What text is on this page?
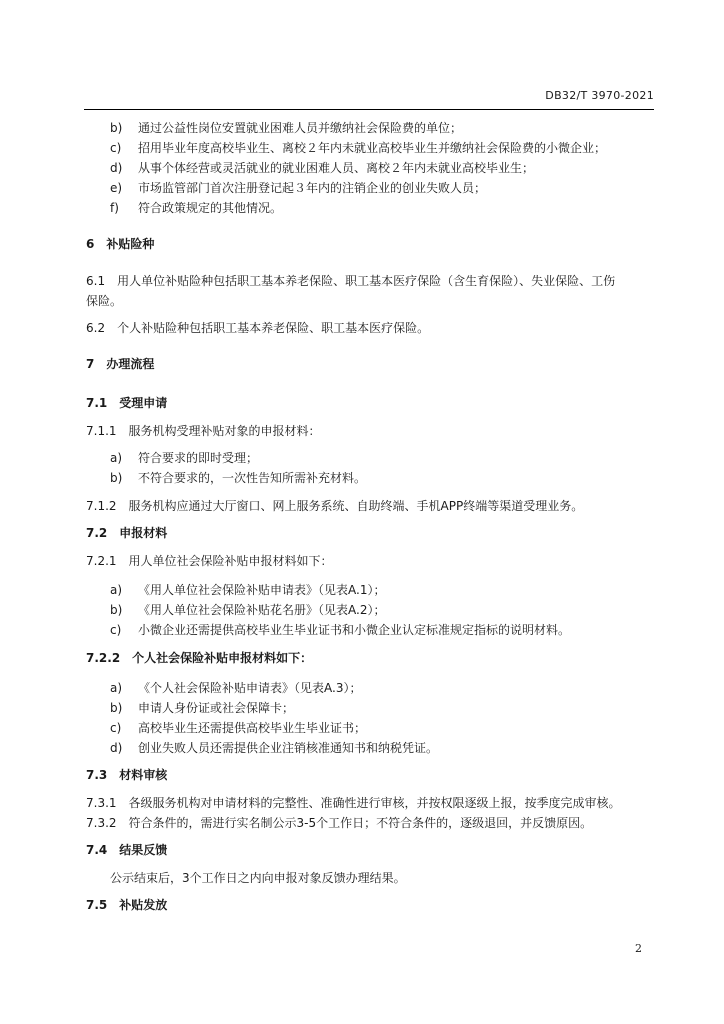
DB32/T 3970-2021
b) 通过公益性岗位安置就业困难人员并缴纳社会保险费的单位；
c) 招用毕业年度高校毕业生、离校２年内未就业高校毕业生并缴纳社会保险费的小微企业；
d) 从事个体经营或灵活就业的就业困难人员、离校２年内未就业高校毕业生；
e) 市场监管部门首次注册登记起３年内的注销企业的创业失败人员；
f) 符合政策规定的其他情况。
6　补贴险种
6.1　用人单位补贴险种包括职工基本养老保险、职工基本医疗保险（含生育保险）、失业保险、工伤
保险。
6.2　个人补贴险种包括职工基本养老保险、职工基本医疗保险。
7　办理流程
7.1　受理申请
7.1.1　服务机构受理补贴对象的申报材料：
a) 符合要求的即时受理；
b) 不符合要求的，一次性告知所需补充材料。
7.1.2　服务机构应通过大厅窗口、网上服务系统、自助终端、手机APP终端等渠道受理业务。
7.2　申报材料
7.2.1　用人单位社会保险补贴申报材料如下：
a) 《用人单位社会保险补贴申请表》（见表A.1）；
b) 《用人单位社会保险补贴花名册》（见表A.2）；
c) 小微企业还需提供高校毕业生毕业证书和小微企业认定标准规定指标的说明材料。
7.2.2　个人社会保险补贴申报材料如下：
a) 《个人社会保险补贴申请表》（见表A.3）；
b) 申请人身份证或社会保障卡；
c) 高校毕业生还需提供高校毕业生毕业证书；
d) 创业失败人员还需提供企业注销核准通知书和纳税凭证。
7.3　材料审核
7.3.1　各级服务机构对申请材料的完整性、准确性进行审核，并按权限逐级上报，按季度完成审核。
7.3.2　符合条件的，需进行实名制公示3-5个工作日；不符合条件的，逐级退回，并反馈原因。
7.4　结果反馈
公示结束后，3个工作日之内向申报对象反馈办理结果。
7.5　补贴发放
2
